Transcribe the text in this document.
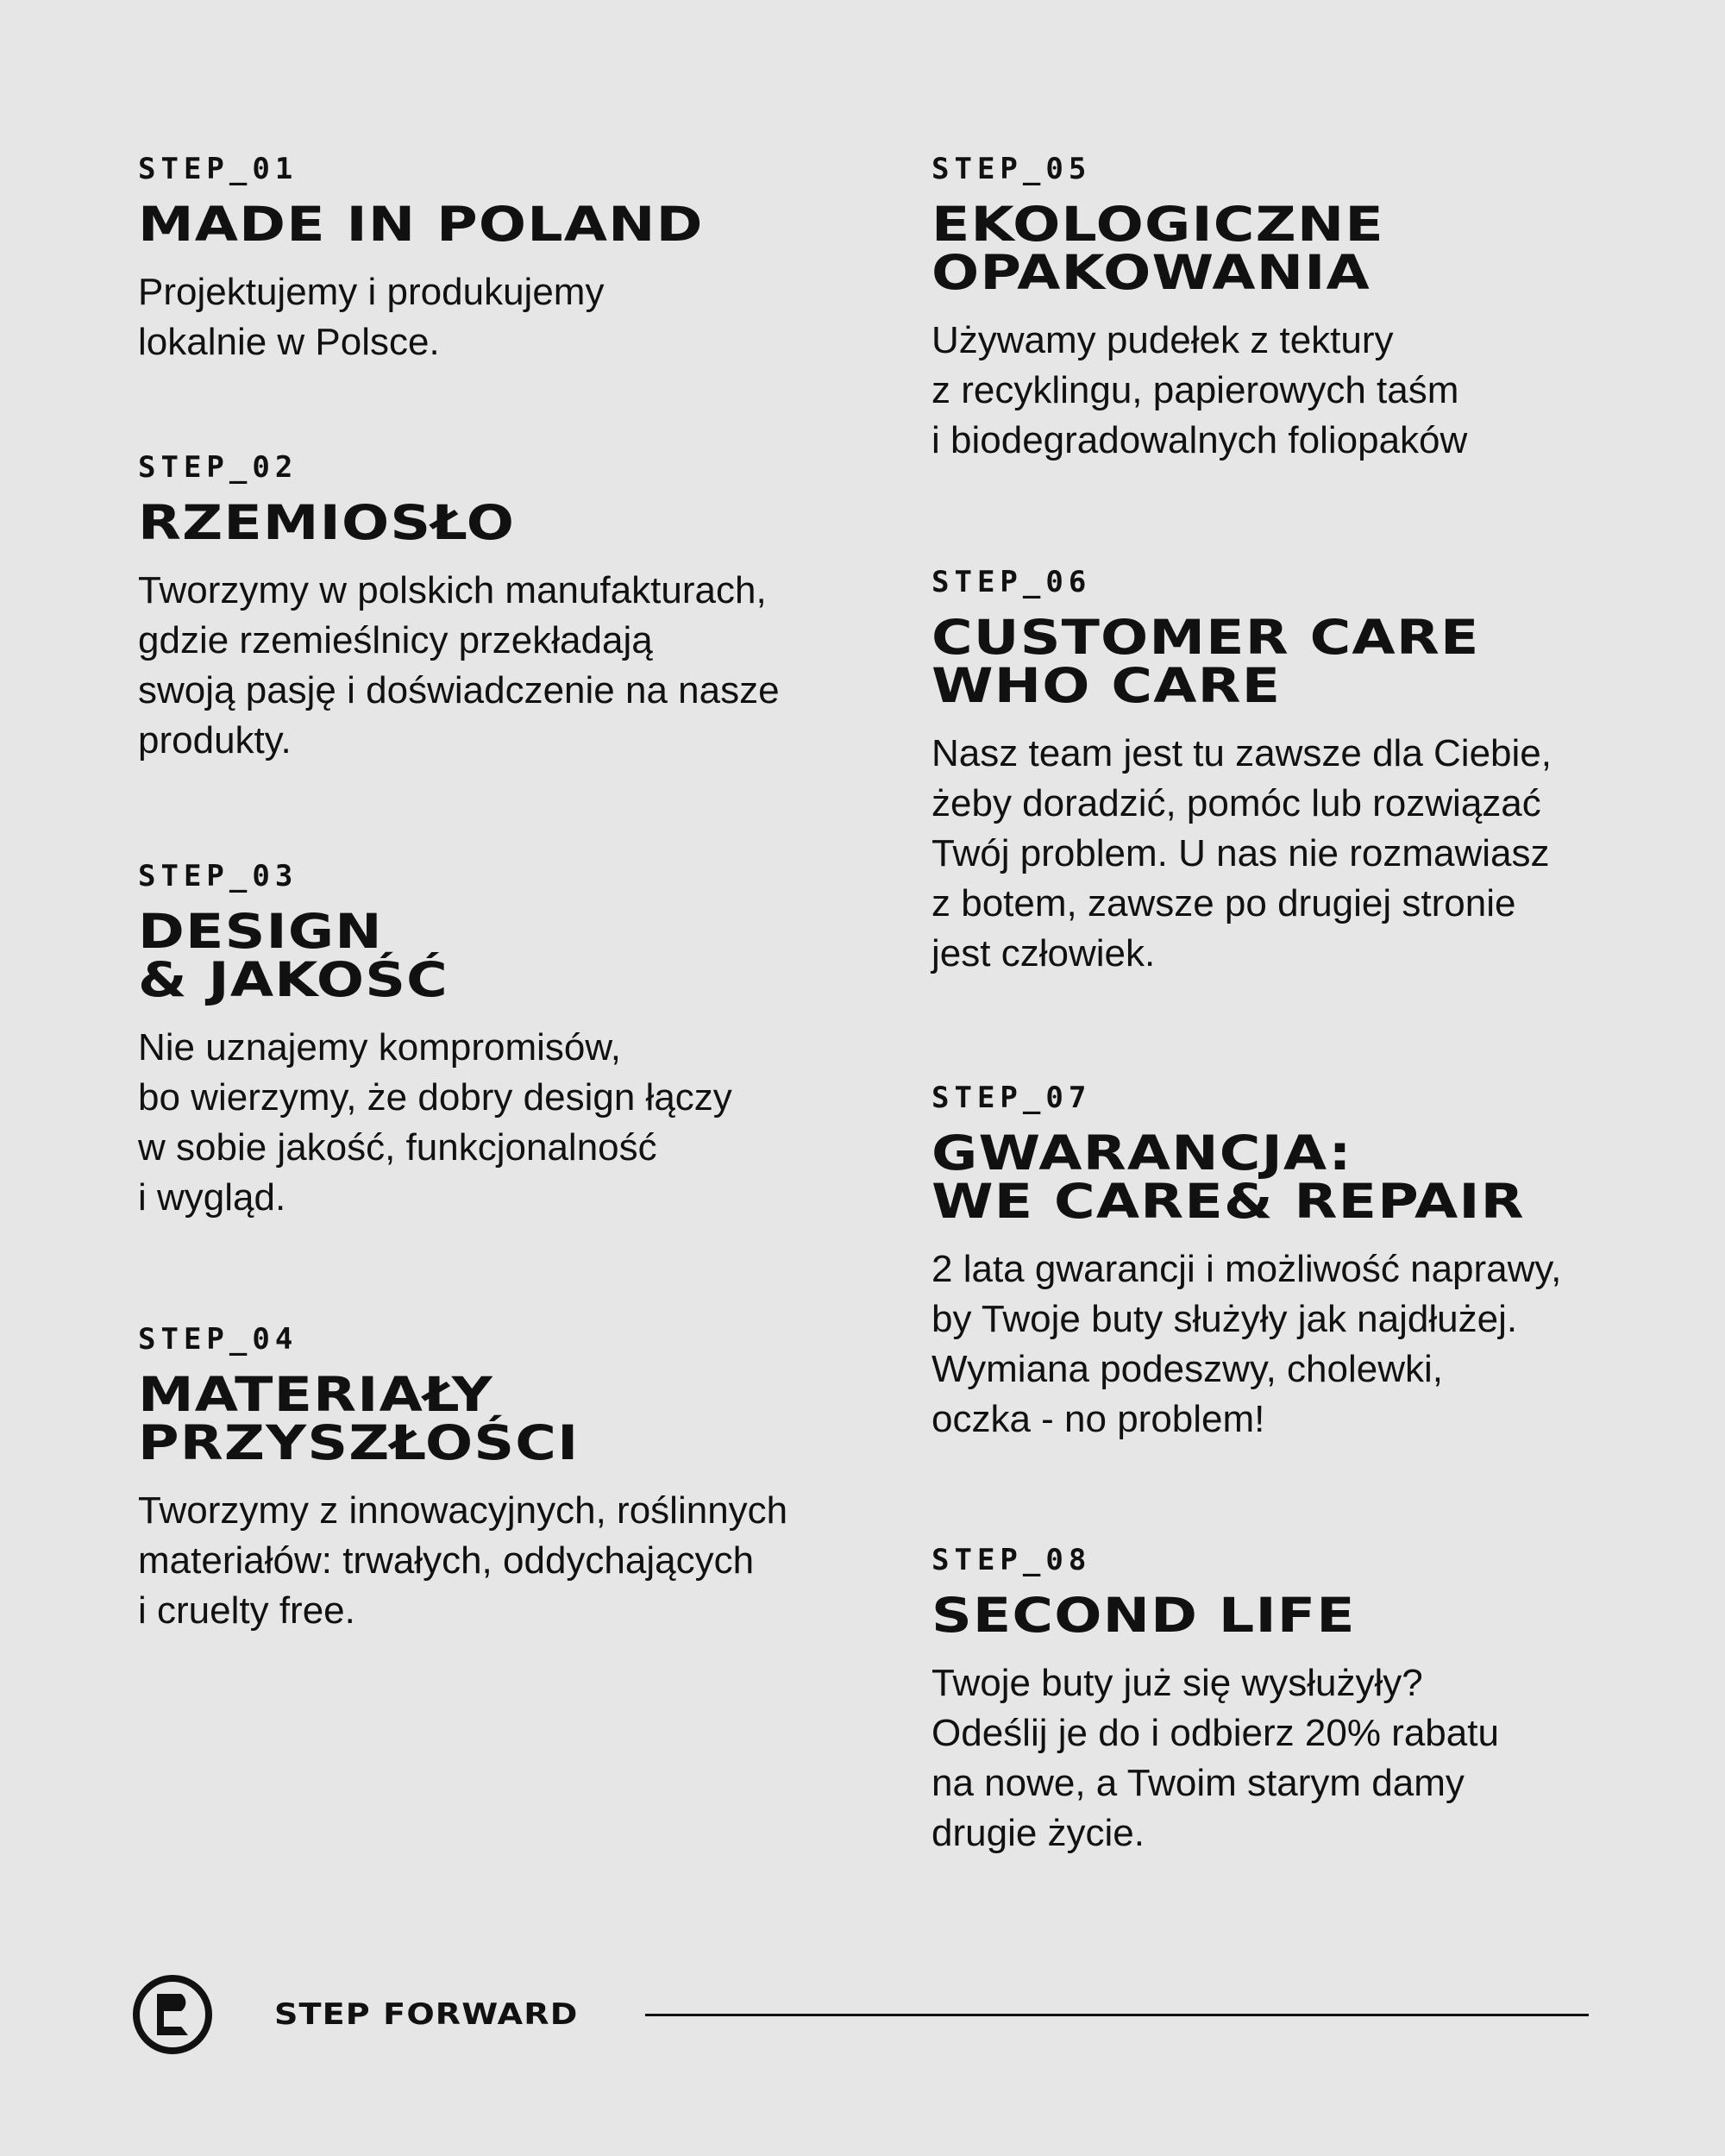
STEP_01

MADE IN POLAND

Projektujemy i produkujemy
lokalnie w Polsce.

STEP_02

RZEMIOSŁO

Tworzymy w polskich manufakturach,
gdzie rzemieślnicy przekładają
swoją pasję i doświadczenie na nasze
produkty.

STEP_03

DESIGN
& JAKOŚĆ

Nie uznajemy kompromisów,
bo wierzymy, że dobry design łączy
w sobie jakość, funkcjonalność
i wygląd.

STEP_04

MATERIAŁY
PRZYSZŁOŚCI

Tworzymy z innowacyjnych, roślinnych
materiałów: trwałych, oddychających
i cruelty free.

STEP_05

EKOLOGICZNE
OPAKOWANIA

Używamy pudełek z tektury
z recyklingu, papierowych taśm
i biodegradowalnych foliopaków

STEP_06

CUSTOMER CARE
WHO CARE

Nasz team jest tu zawsze dla Ciebie,
żeby doradzić, pomóc lub rozwiązać
Twój problem. U nas nie rozmawiasz
z botem, zawsze po drugiej stronie
jest człowiek.

STEP_07

GWARANCJA:
WE CARE& REPAIR

2 lata gwarancji i możliwość naprawy,
by Twoje buty służyły jak najdłużej.
Wymiana podeszwy, cholewki,
oczka - no problem!

STEP_08

SECOND LIFE

Twoje buty już się wysłużyły?
Odeślij je do i odbierz 20% rabatu
na nowe, a Twoim starym damy
drugie życie.

STEP FORWARD
